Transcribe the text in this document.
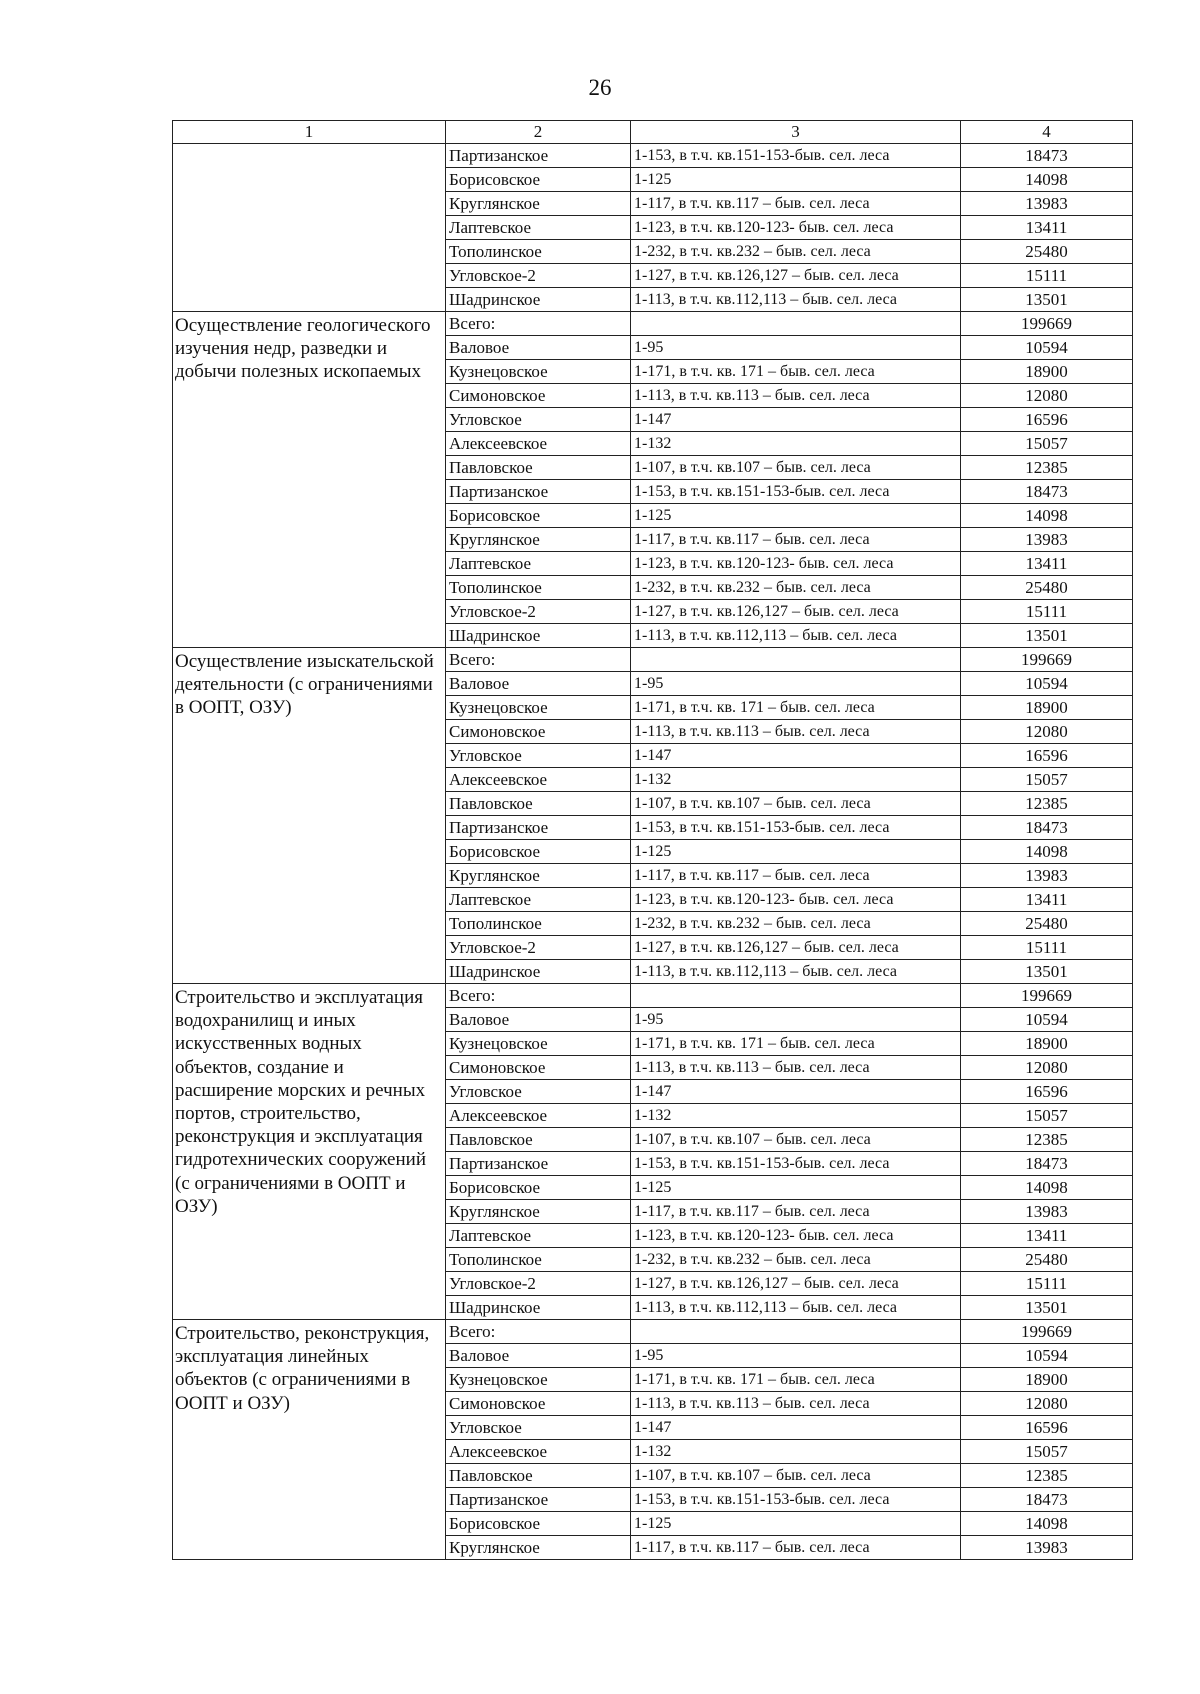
26
1	2	3	4
	Партизанское	1-153, в т.ч. кв.151-153-быв. сел. леса	18473
	Борисовское	1-125	14098
	Круглянское	1-117, в т.ч. кв.117 – быв. сел. леса	13983
	Лаптевское	1-123, в т.ч. кв.120-123- быв. сел. леса	13411
	Тополинское	1-232, в т.ч. кв.232 – быв. сел. леса	25480
	Угловское-2	1-127, в т.ч. кв.126,127 – быв. сел. леса	15111
	Шадринское	1-113, в т.ч. кв.112,113 – быв. сел. леса	13501
Осуществление геологического изучения недр, разведки и добычи полезных ископаемых	Всего:		199669
	Валовое	1-95	10594
	Кузнецовское	1-171, в т.ч. кв. 171 – быв. сел. леса	18900
	Симоновское	1-113, в т.ч. кв.113 – быв. сел. леса	12080
	Угловское	1-147	16596
	Алексеевское	1-132	15057
	Павловское	1-107, в т.ч. кв.107 – быв. сел. леса	12385
	Партизанское	1-153, в т.ч. кв.151-153-быв. сел. леса	18473
	Борисовское	1-125	14098
	Круглянское	1-117, в т.ч. кв.117 – быв. сел. леса	13983
	Лаптевское	1-123, в т.ч. кв.120-123- быв. сел. леса	13411
	Тополинское	1-232, в т.ч. кв.232 – быв. сел. леса	25480
	Угловское-2	1-127, в т.ч. кв.126,127 – быв. сел. леса	15111
	Шадринское	1-113, в т.ч. кв.112,113 – быв. сел. леса	13501
Осуществление изыскательской деятельности (с ограничениями в ООПТ, ОЗУ)	Всего:		199669
	Валовое	1-95	10594
	Кузнецовское	1-171, в т.ч. кв. 171 – быв. сел. леса	18900
	Симоновское	1-113, в т.ч. кв.113 – быв. сел. леса	12080
	Угловское	1-147	16596
	Алексеевское	1-132	15057
	Павловское	1-107, в т.ч. кв.107 – быв. сел. леса	12385
	Партизанское	1-153, в т.ч. кв.151-153-быв. сел. леса	18473
	Борисовское	1-125	14098
	Круглянское	1-117, в т.ч. кв.117 – быв. сел. леса	13983
	Лаптевское	1-123, в т.ч. кв.120-123- быв. сел. леса	13411
	Тополинское	1-232, в т.ч. кв.232 – быв. сел. леса	25480
	Угловское-2	1-127, в т.ч. кв.126,127 – быв. сел. леса	15111
	Шадринское	1-113, в т.ч. кв.112,113 – быв. сел. леса	13501
Строительство и эксплуатация водохранилищ и иных искусственных водных объектов, создание и расширение морских и речных портов, строительство, реконструкция и эксплуатация гидротехнических сооружений (с ограничениями в ООПТ и ОЗУ)	Всего:		199669
	Валовое	1-95	10594
	Кузнецовское	1-171, в т.ч. кв. 171 – быв. сел. леса	18900
	Симоновское	1-113, в т.ч. кв.113 – быв. сел. леса	12080
	Угловское	1-147	16596
	Алексеевское	1-132	15057
	Павловское	1-107, в т.ч. кв.107 – быв. сел. леса	12385
	Партизанское	1-153, в т.ч. кв.151-153-быв. сел. леса	18473
	Борисовское	1-125	14098
	Круглянское	1-117, в т.ч. кв.117 – быв. сел. леса	13983
	Лаптевское	1-123, в т.ч. кв.120-123- быв. сел. леса	13411
	Тополинское	1-232, в т.ч. кв.232 – быв. сел. леса	25480
	Угловское-2	1-127, в т.ч. кв.126,127 – быв. сел. леса	15111
	Шадринское	1-113, в т.ч. кв.112,113 – быв. сел. леса	13501
Строительство, реконструкция, эксплуатация линейных объектов (с ограничениями в ООПТ и ОЗУ)	Всего:		199669
	Валовое	1-95	10594
	Кузнецовское	1-171, в т.ч. кв. 171 – быв. сел. леса	18900
	Симоновское	1-113, в т.ч. кв.113 – быв. сел. леса	12080
	Угловское	1-147	16596
	Алексеевское	1-132	15057
	Павловское	1-107, в т.ч. кв.107 – быв. сел. леса	12385
	Партизанское	1-153, в т.ч. кв.151-153-быв. сел. леса	18473
	Борисовское	1-125	14098
	Круглянское	1-117, в т.ч. кв.117 – быв. сел. леса	13983
